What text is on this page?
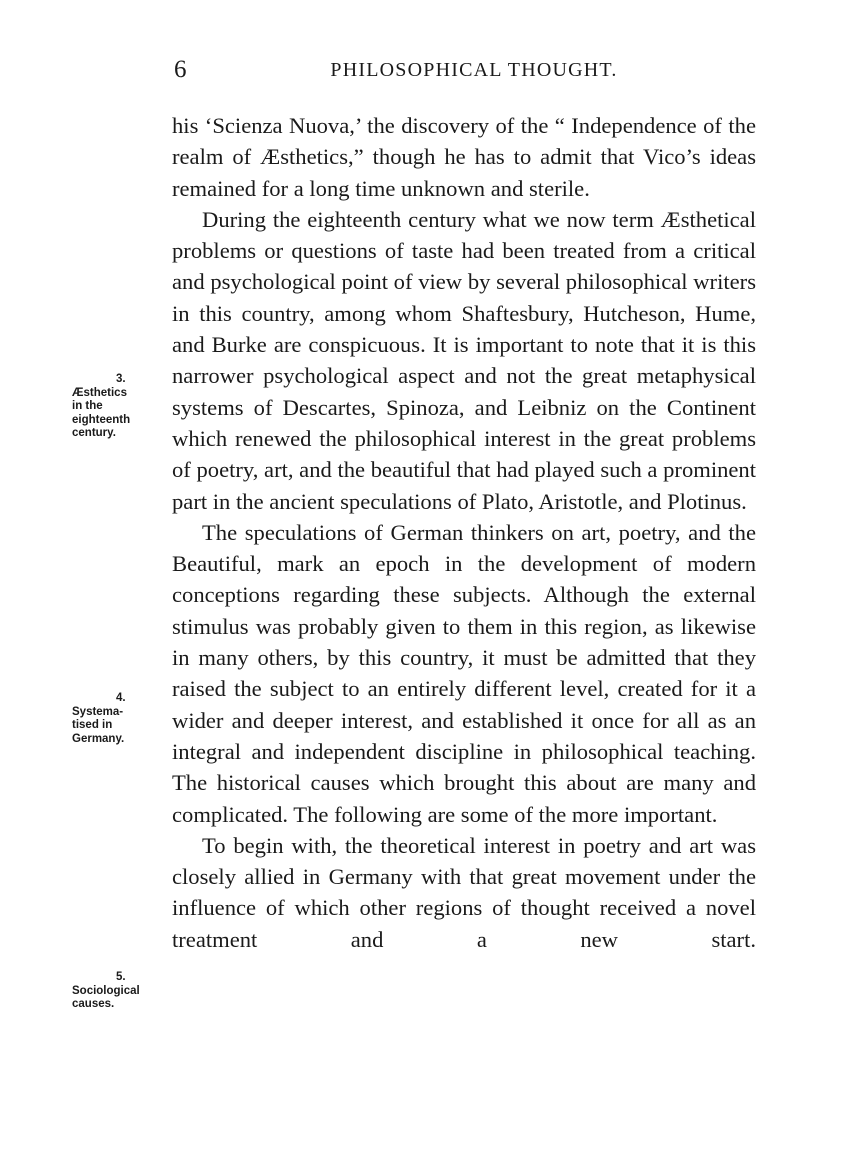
6	PHILOSOPHICAL THOUGHT.
3.
Æsthetics
in the
eighteenth
century.
4.
Systema-
tised in
Germany.
5.
Sociological
causes.

his ‘Scienza Nuova,’ the discovery of the “ Independence of the realm of Æsthetics,” though he has to admit that Vico’s ideas remained for a long time unknown and sterile.

During the eighteenth century what we now term Æsthetical problems or questions of taste had been treated from a critical and psychological point of view by several philosophical writers in this country, among whom Shaftesbury, Hutcheson, Hume, and Burke are conspicuous. It is important to note that it is this narrower psychological aspect and not the great metaphysical systems of Descartes, Spinoza, and Leibniz on the Continent which renewed the philosophical interest in the great problems of poetry, art, and the beautiful that had played such a prominent part in the ancient speculations of Plato, Aristotle, and Plotinus.

The speculations of German thinkers on art, poetry, and the Beautiful, mark an epoch in the development of modern conceptions regarding these subjects. Although the external stimulus was probably given to them in this region, as likewise in many others, by this country, it must be admitted that they raised the subject to an entirely different level, created for it a wider and deeper interest, and established it once for all as an integral and independent discipline in philosophical teaching. The historical causes which brought this about are many and complicated. The following are some of the more important.

To begin with, the theoretical interest in poetry and art was closely allied in Germany with that great movement under the influence of which other regions of thought received a novel treatment and a new start.
